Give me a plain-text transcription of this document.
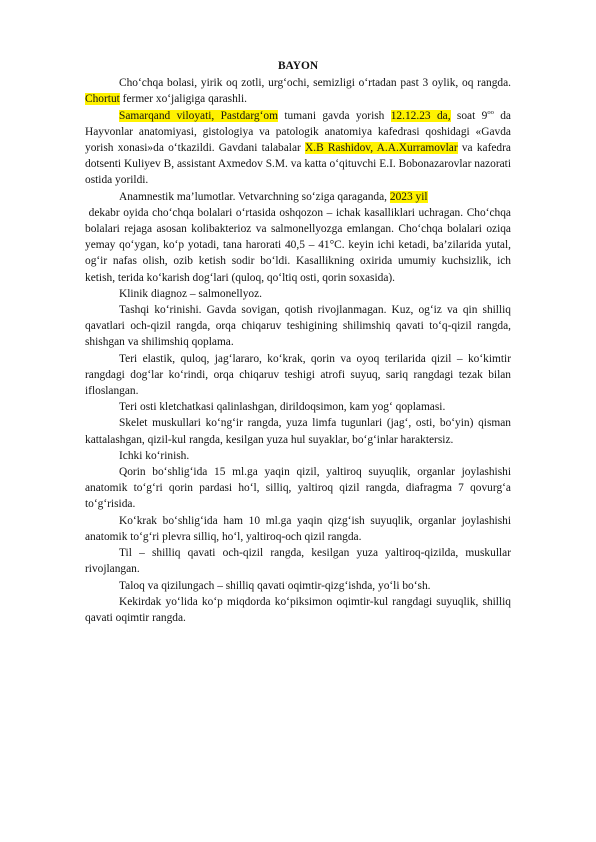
BAYON

Cho‘chqa bolasi, yirik oq zotli, urg‘ochi, semizligi o‘rtadan past 3 oylik, oq rangda. Chortut fermer xo‘jaligiga qarashli.

Samarqand viloyati, Pastdarg‘om tumani gavda yorish 12.12.23 da, soat $9^{oo}$ da Hayvonlar anatomiyasi, gistologiya va patologik anatomiya kafedrasi qoshidagi «Gavda yorish xonasi»da o‘tkazildi. Gavdani talabalar X.B Rashidov, A.A.Xurramovlar va kafedra dotsenti Kuliyev B, assistant Axmedov S.M. va katta o‘qituvchi E.I. Bobonazarovlar nazorati ostida yorildi.

Anamnestik ma’lumotlar. Vetvarchning so‘ziga qaraganda, 2023 yil

dekabr oyida cho‘chqa bolalari o‘rtasida oshqozon – ichak kasalliklari uchragan. Cho‘chqa bolalari rejaga asosan kolibakterioz va salmonellyozga emlangan. Cho‘chqa bolalari oziqa yemay qo‘ygan, ko‘p yotadi, tana harorati 40,5 – 41°C. keyin ichi ketadi, ba’zilarida yutal, og‘ir nafas olish, ozib ketish sodir bo‘ldi. Kasallikning oxirida umumiy kuchsizlik, ich ketish, terida ko‘karish dog‘lari (quloq, qo‘ltiq osti, qorin soxasida).

Klinik diagnoz – salmonellyoz.

Tashqi ko‘rinishi. Gavda sovigan, qotish rivojlanmagan. Kuz, og‘iz va qin shilliq qavatlari och-qizil rangda, orqa chiqaruv teshigining shilimshiq qavati to‘q-qizil rangda, shishgan va shilimshiq qoplama.

Teri elastik, quloq, jag‘lararo, ko‘krak, qorin va oyoq terilarida qizil – ko‘kimtir rangdagi dog‘lar ko‘rindi, orqa chiqaruv teshigi atrofi suyuq, sariq rangdagi tezak bilan ifloslangan.

Teri osti kletchatkasi qalinlashgan, dirildoqsimon, kam yog‘ qoplamasi.

Skelet muskullari ko‘ng‘ir rangda, yuza limfa tugunlari (jag‘, osti, bo‘yin) qisman kattalashgan, qizil-kul rangda, kesilgan yuza hul suyaklar, bo‘g‘inlar haraktersiz.

Ichki ko‘rinish.

Qorin bo‘shlig‘ida 15 ml.ga yaqin qizil, yaltiroq suyuqlik, organlar joylashishi anatomik to‘g‘ri qorin pardasi ho‘l, silliq, yaltiroq qizil rangda, diafragma 7 qovurg‘a to‘g‘risida.

Ko‘krak bo‘shlig‘ida ham 10 ml.ga yaqin qizg‘ish suyuqlik, organlar joylashishi anatomik to‘g‘ri plevra silliq, ho‘l, yaltiroq-och qizil rangda.

Til – shilliq qavati och-qizil rangda, kesilgan yuza yaltiroq-qizilda, muskullar rivojlangan.

Taloq va qizilungach – shilliq qavati oqimtir-qizg‘ishda, yo‘li bo‘sh.

Kekirdak yo‘lida ko‘p miqdorda ko‘piksimon oqimtir-kul rangdagi suyuqlik, shilliq qavati oqimtir rangda.
